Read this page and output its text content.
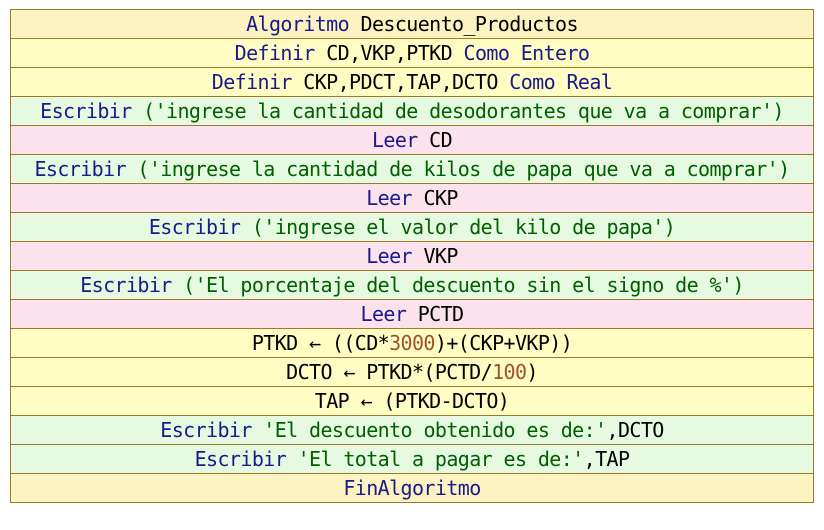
Algoritmo
Descuento_Productos
Definir
CD,VKP,PTKD
Como Entero
Definir
CKP,PDCT,TAP,DCTO
Como Real
Escribir
('ingrese la cantidad de desodorantes que va a comprar')
Leer
CD
Escribir
('ingrese la cantidad de kilos de papa que va a comprar')
Leer
CKP
Escribir
('ingrese el valor del kilo de papa')
Leer
VKP
Escribir
('El porcentaje del descuento sin el signo de %')
Leer
PCTD
PTKD ← ((CD* 3000 )+(CKP+VKP))
DCTO ← PTKD*(PCTD/ 100 )
TAP ← (PTKD-DCTO)
Escribir
'El descuento obtenido es de:' ,DCTO
Escribir
'El total a pagar es de:' ,TAP
FinAlgoritmo
